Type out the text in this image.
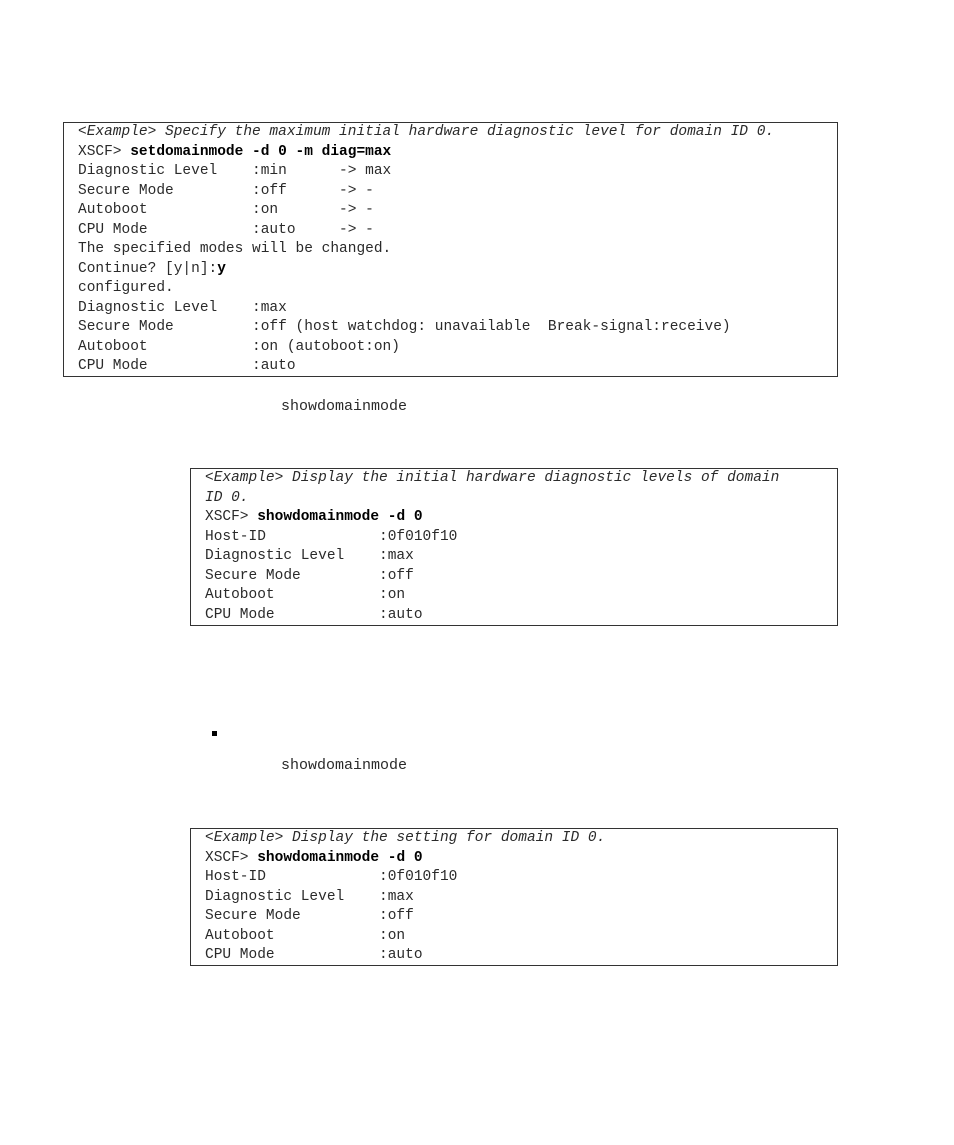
<Example> Specify the maximum initial hardware diagnostic level for domain ID 0.
XSCF> setdomainmode -d 0 -m diag=max
Diagnostic Level    :min      -> max
Secure Mode         :off      -> -
Autoboot            :on       -> -
CPU Mode            :auto     -> -
The specified modes will be changed.
Continue? [y|n]:y
configured.
Diagnostic Level    :max
Secure Mode         :off (host watchdog: unavailable  Break-signal:receive)
Autoboot            :on (autoboot:on)
CPU Mode            :auto
showdomainmode
<Example> Display the initial hardware diagnostic levels of domain
ID 0.
XSCF> showdomainmode -d 0
Host-ID             :0f010f10
Diagnostic Level    :max
Secure Mode         :off
Autoboot            :on
CPU Mode            :auto
showdomainmode
<Example> Display the setting for domain ID 0.
XSCF> showdomainmode -d 0
Host-ID             :0f010f10
Diagnostic Level    :max
Secure Mode         :off
Autoboot            :on
CPU Mode            :auto
